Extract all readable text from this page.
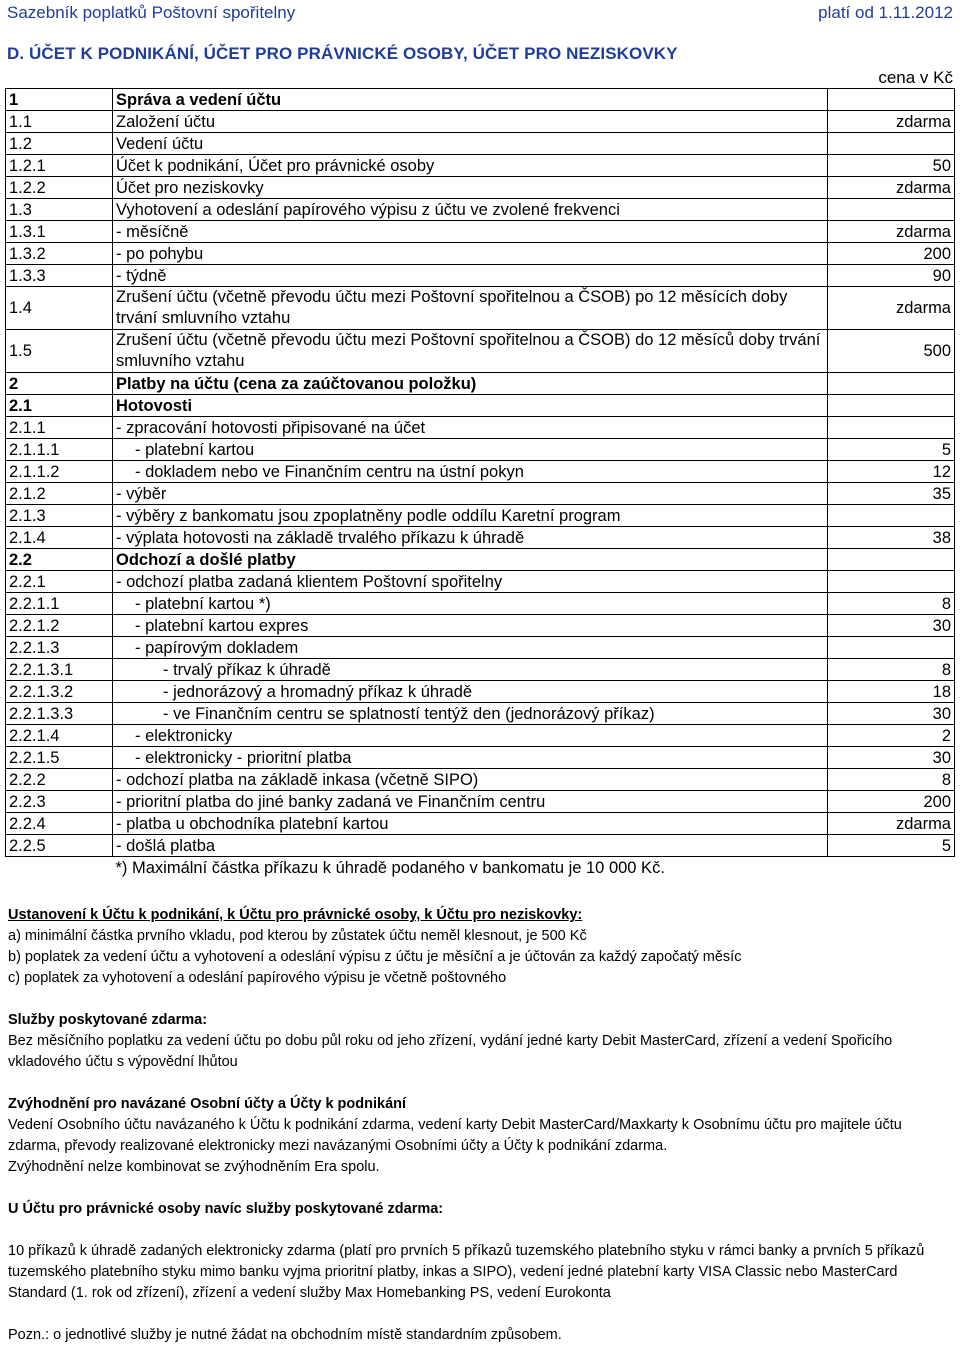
Sazebník poplatků Poštovní spořitelny	platí od 1.11.2012
D. ÚČET K PODNIKÁNÍ, ÚČET PRO PRÁVNICKÉ OSOBY, ÚČET PRO NEZISKOVKY
cena v Kč
1	Správa a vedení účtu	
1.1	Založení účtu	zdarma
1.2	Vedení účtu	
1.2.1	Účet k podnikání, Účet pro právnické osoby	50
1.2.2	Účet pro neziskovky	zdarma
1.3	Vyhotovení a odeslání papírového výpisu z účtu ve zvolené frekvenci	
1.3.1	- měsíčně	zdarma
1.3.2	- po pohybu	200
1.3.3	- týdně	90
1.4	Zrušení účtu (včetně převodu účtu mezi Poštovní spořitelnou a ČSOB) po 12 měsících doby trvání smluvního vztahu	zdarma
1.5	Zrušení účtu (včetně převodu účtu mezi Poštovní spořitelnou a ČSOB) do 12 měsíců doby trvání smluvního vztahu	500
2	Platby na účtu (cena za zaúčtovanou položku)	
2.1	Hotovosti	
2.1.1	- zpracování hotovosti připisované na účet	
2.1.1.1	- platební kartou	5
2.1.1.2	- dokladem nebo ve Finančním centru na ústní pokyn	12
2.1.2	- výběr	35
2.1.3	- výběry z bankomatu jsou zpoplatněny podle oddílu Karetní program	
2.1.4	- výplata hotovosti na základě trvalého příkazu k úhradě	38
2.2	Odchozí a došlé platby	
2.2.1	- odchozí platba zadaná klientem Poštovní spořitelny	
2.2.1.1	- platební kartou *)	8
2.2.1.2	- platební kartou expres	30
2.2.1.3	- papírovým dokladem	
2.2.1.3.1	- trvalý příkaz k úhradě	8
2.2.1.3.2	- jednorázový a hromadný příkaz k úhradě	18
2.2.1.3.3	- ve Finančním centru se splatností tentýž den (jednorázový příkaz)	30
2.2.1.4	- elektronicky	2
2.2.1.5	- elektronicky - prioritní platba	30
2.2.2	- odchozí platba na základě inkasa (včetně SIPO)	8
2.2.3	- prioritní platba do jiné banky zadaná ve Finančním centru	200
2.2.4	- platba u obchodníka platební kartou	zdarma
2.2.5	- došlá platba	5
	*) Maximální částka příkazu k úhradě podaného v bankomatu je 10 000 Kč.	

Ustanovení k Účtu k podnikání, k Účtu pro právnické osoby, k Účtu pro neziskovky:

a) minimální částka prvního vkladu, pod kterou by zůstatek účtu neměl klesnout, je 500 Kč

b) poplatek za vedení účtu a vyhotovení a odeslání výpisu z účtu je měsíční a je účtován za každý započatý měsíc

c) poplatek za vyhotovení a odeslání papírového výpisu je včetně poštovného

Služby poskytované zdarma:

Bez měsíčního poplatku za vedení účtu po dobu půl roku od jeho zřízení, vydání jedné karty Debit MasterCard, zřízení a vedení Spořicího vkladového účtu s výpovědní lhůtou

Zvýhodnění pro navázané Osobní účty a Účty k podnikání

Vedení Osobního účtu navázaného k Účtu k podnikání zdarma, vedení karty Debit MasterCard/Maxkarty k Osobnímu účtu pro majitele účtu zdarma, převody realizované elektronicky mezi navázanými Osobními účty a Účty k podnikání zdarma.

Zvýhodnění nelze kombinovat se zvýhodněním Era spolu.

U Účtu pro právnické osoby navíc služby poskytované zdarma:

10 příkazů k úhradě zadaných elektronicky zdarma (platí pro prvních 5 příkazů tuzemského platebního styku v rámci banky a prvních 5 příkazů tuzemského platebního styku mimo banku vyjma prioritní platby, inkas a SIPO), vedení jedné platební karty VISA Classic nebo MasterCard Standard (1. rok od zřízení), zřízení a vedení služby Max Homebanking PS, vedení Eurokonta

Pozn.: o jednotlivé služby je nutné žádat na obchodním místě standardním způsobem.
